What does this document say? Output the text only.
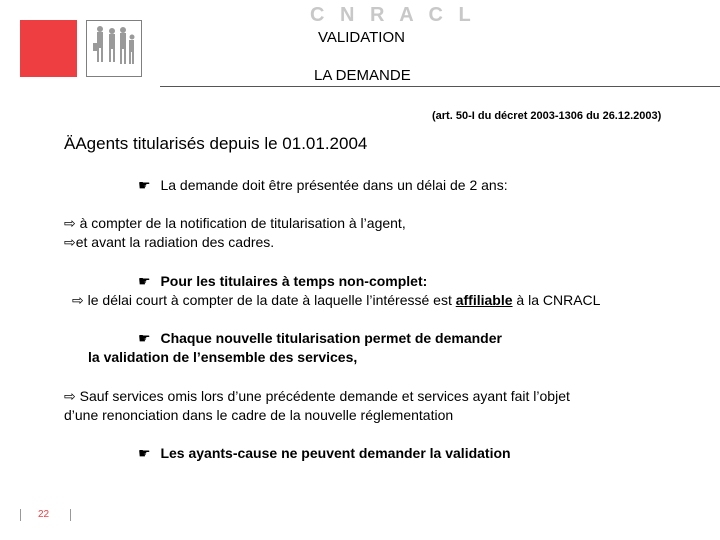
C N R A C L
VALIDATION
LA DEMANDE
(art. 50-I du décret 2003-1306 du 26.12.2003)
ÄAgents titularisés depuis le 01.01.2004
☛ La demande doit être présentée dans un délai de 2 ans:
⇨ à compter de la notification de titularisation à l’agent,
⇨et avant la radiation des cadres.
☛ Pour les titulaires à temps non-complet:
⇨ le délai court à compter de la date à laquelle l’intéressé est affiliable à la CNRACL
☛ Chaque nouvelle titularisation permet de demander
la validation de l’ensemble des services,
⇨ Sauf services omis lors d’une précédente demande et services ayant fait l’objet
d’une renonciation dans le cadre de la nouvelle réglementation
☛ Les ayants-cause ne peuvent demander la validation
22
